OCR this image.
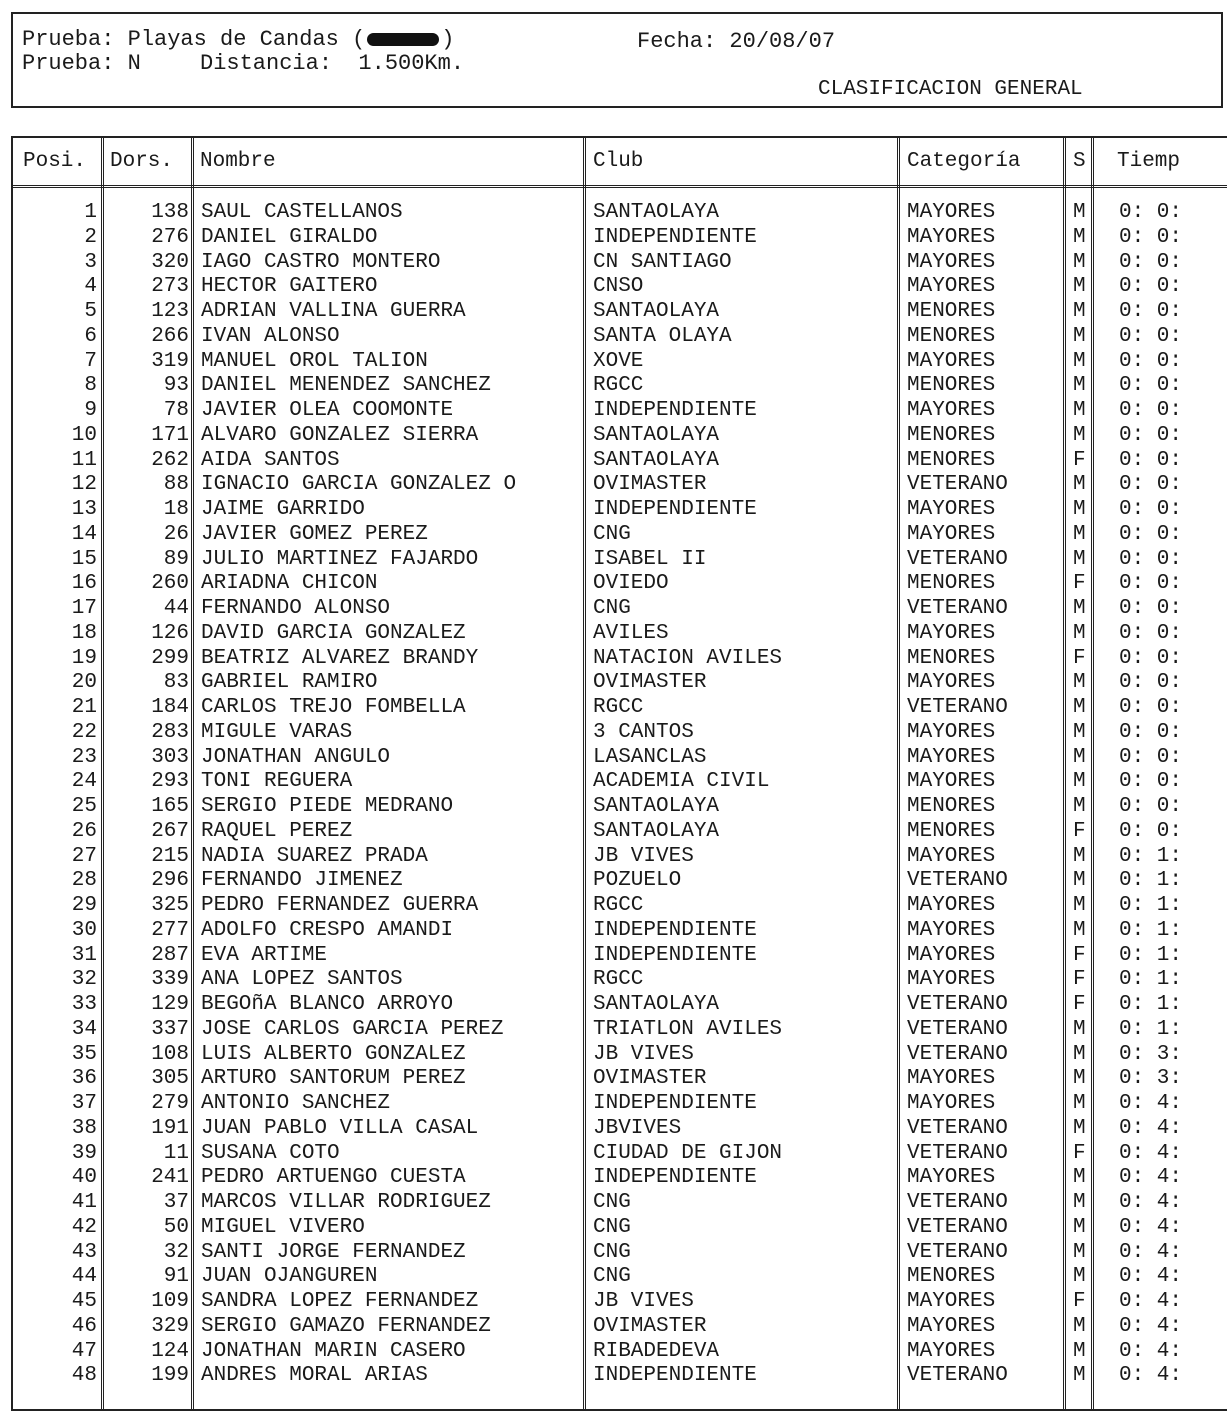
Prueba: Playas de Candas (	)	Fecha: 20/08/07
Prueba: N	Distancia:  1.500Km.
CLASIFICACION GENERAL
Posi. Dors. Nombre	Club	Categoría	S Tiemp
1	138 SAUL CASTELLANOS	SANTAOLAYA	MAYORES	M 0: 0:
2	276 DANIEL GIRALDO	INDEPENDIENTE	MAYORES	M 0: 0:
3	320 IAGO CASTRO MONTERO	CN SANTIAGO	MAYORES	M 0: 0:
4	273 HECTOR GAITERO	CNSO	MAYORES	M 0: 0:
5	123 ADRIAN VALLINA GUERRA	SANTAOLAYA	MENORES	M 0: 0:
6	266 IVAN ALONSO	SANTA OLAYA	MENORES	M 0: 0:
7	319 MANUEL OROL TALION	XOVE	MAYORES	M 0: 0:
8	93 DANIEL MENENDEZ SANCHEZ	RGCC	MENORES	M 0: 0:
9	78 JAVIER OLEA COOMONTE	INDEPENDIENTE	MAYORES	M 0: 0:
10	171 ALVARO GONZALEZ SIERRA	SANTAOLAYA	MENORES	M 0: 0:
11	262 AIDA SANTOS	SANTAOLAYA	MENORES	F 0: 0:
12	88 IGNACIO GARCIA GONZALEZ O	OVIMASTER	VETERANO	M 0: 0:
13	18 JAIME GARRIDO	INDEPENDIENTE	MAYORES	M 0: 0:
14	26 JAVIER GOMEZ PEREZ	CNG	MAYORES	M 0: 0:
15	89 JULIO MARTINEZ FAJARDO	ISABEL II	VETERANO	M 0: 0:
16	260 ARIADNA CHICON	OVIEDO	MENORES	F 0: 0:
17	44 FERNANDO ALONSO	CNG	VETERANO	M 0: 0:
18	126 DAVID GARCIA GONZALEZ	AVILES	MAYORES	M 0: 0:
19	299 BEATRIZ ALVAREZ BRANDY	NATACION AVILES	MENORES	F 0: 0:
20	83 GABRIEL RAMIRO	OVIMASTER	MAYORES	M 0: 0:
21	184 CARLOS TREJO FOMBELLA	RGCC	VETERANO	M 0: 0:
22	283 MIGULE VARAS	3 CANTOS	MAYORES	M 0: 0:
23	303 JONATHAN ANGULO	LASANCLAS	MAYORES	M 0: 0:
24	293 TONI REGUERA	ACADEMIA CIVIL	MAYORES	M 0: 0:
25	165 SERGIO PIEDE MEDRANO	SANTAOLAYA	MENORES	M 0: 0:
26	267 RAQUEL PEREZ	SANTAOLAYA	MENORES	F 0: 0:
27	215 NADIA SUAREZ PRADA	JB VIVES	MAYORES	M 0: 1:
28	296 FERNANDO JIMENEZ	POZUELO	VETERANO	M 0: 1:
29	325 PEDRO FERNANDEZ GUERRA	RGCC	MAYORES	M 0: 1:
30	277 ADOLFO CRESPO AMANDI	INDEPENDIENTE	MAYORES	M 0: 1:
31	287 EVA ARTIME	INDEPENDIENTE	MAYORES	F 0: 1:
32	339 ANA LOPEZ SANTOS	RGCC	MAYORES	F 0: 1:
33	129 BEGOñA BLANCO ARROYO	SANTAOLAYA	VETERANO	F 0: 1:
34	337 JOSE CARLOS GARCIA PEREZ	TRIATLON AVILES	VETERANO	M 0: 1:
35	108 LUIS ALBERTO GONZALEZ	JB VIVES	VETERANO	M 0: 3:
36	305 ARTURO SANTORUM PEREZ	OVIMASTER	MAYORES	M 0: 3:
37	279 ANTONIO SANCHEZ	INDEPENDIENTE	MAYORES	M 0: 4:
38	191 JUAN PABLO VILLA CASAL	JBVIVES	VETERANO	M 0: 4:
39	11 SUSANA COTO	CIUDAD DE GIJON	VETERANO	F 0: 4:
40	241 PEDRO ARTUENGO CUESTA	INDEPENDIENTE	MAYORES	M 0: 4:
41	37 MARCOS VILLAR RODRIGUEZ	CNG	VETERANO	M 0: 4:
42	50 MIGUEL VIVERO	CNG	VETERANO	M 0: 4:
43	32 SANTI JORGE FERNANDEZ	CNG	VETERANO	M 0: 4:
44	91 JUAN OJANGUREN	CNG	MENORES	M 0: 4:
45	109 SANDRA LOPEZ FERNANDEZ	JB VIVES	MAYORES	F 0: 4:
46	329 SERGIO GAMAZO FERNANDEZ	OVIMASTER	MAYORES	M 0: 4:
47	124 JONATHAN MARIN CASERO	RIBADEDEVA	MAYORES	M 0: 4:
48	199 ANDRES MORAL ARIAS	INDEPENDIENTE	VETERANO	M 0: 4:
